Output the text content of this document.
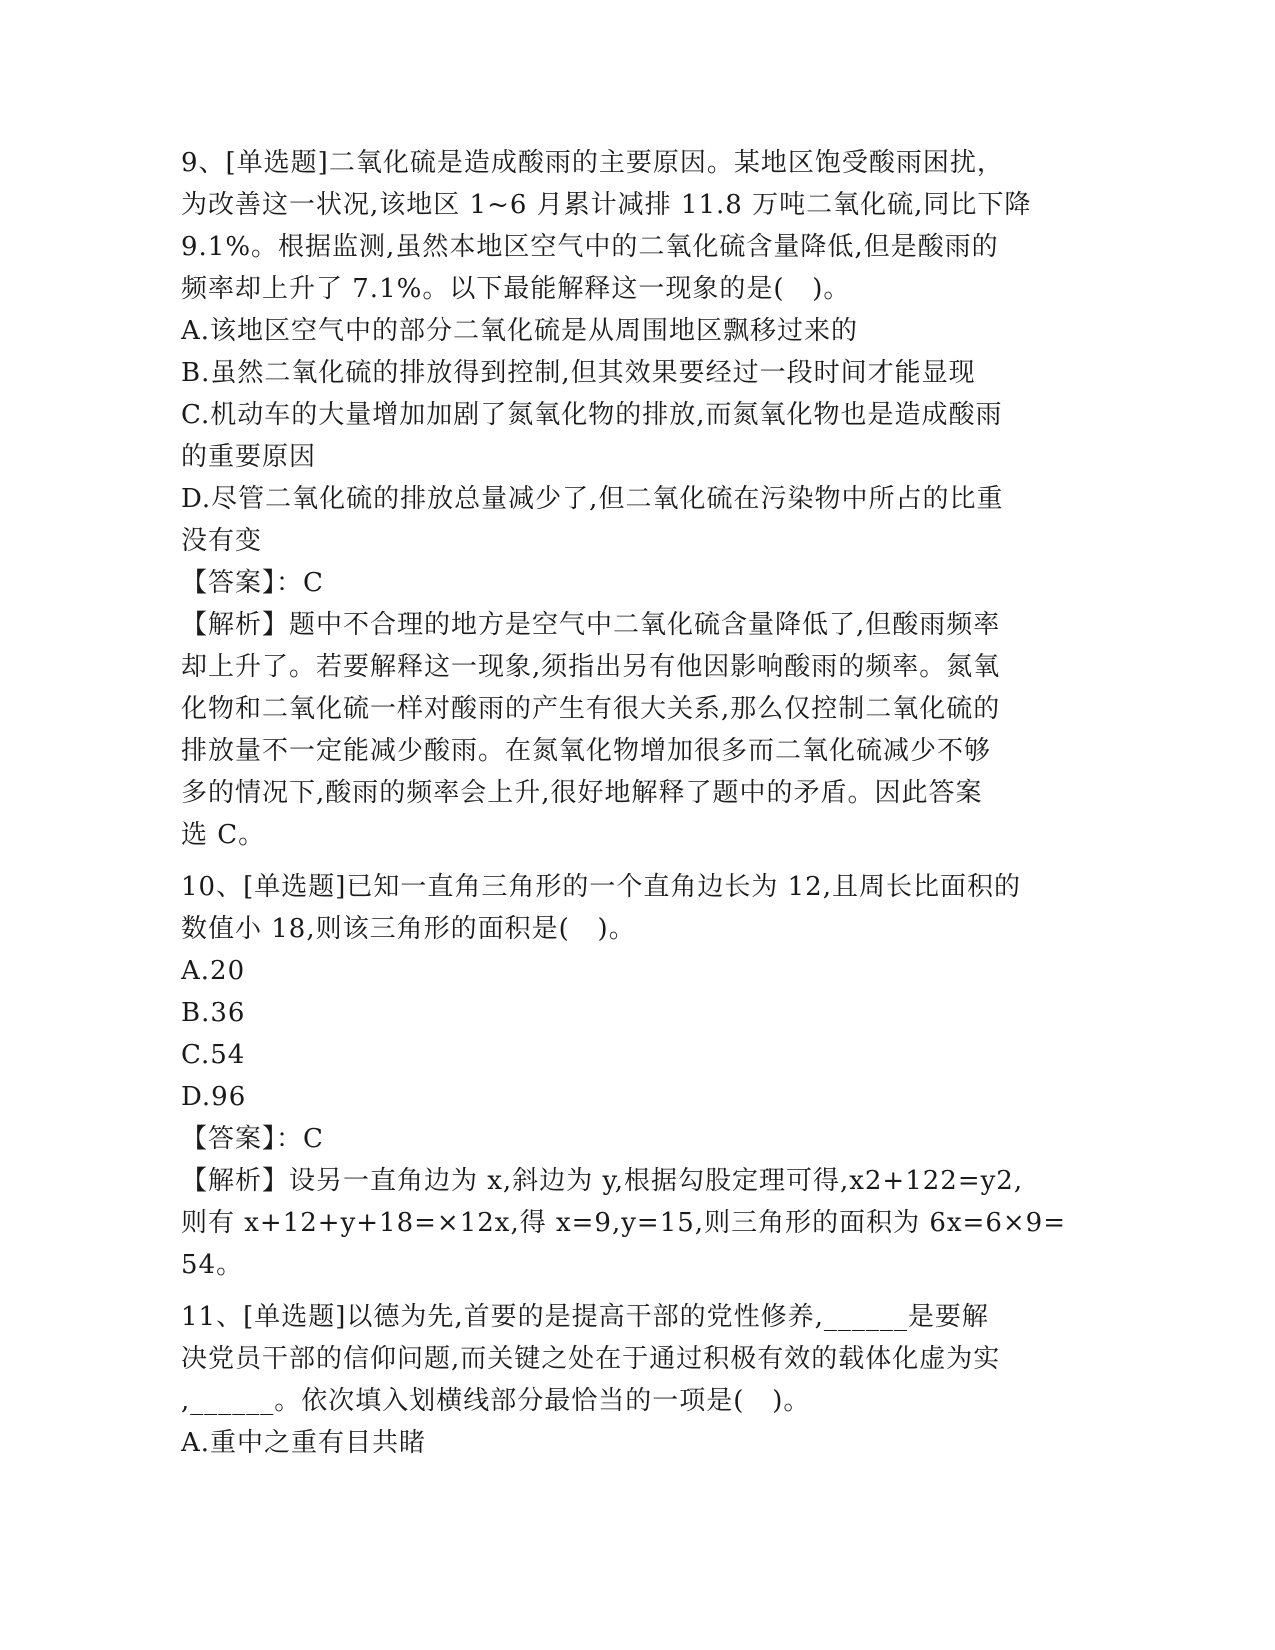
9、[单选题]二氧化硫是造成酸雨的主要原因。某地区饱受酸雨困扰，
为改善这一状况,该地区 1~6 月累计减排 11.8 万吨二氧化硫,同比下降
9.1%。根据监测,虽然本地区空气中的二氧化硫含量降低,但是酸雨的
频率却上升了 7.1%。以下最能解释这一现象的是(   )。
A.该地区空气中的部分二氧化硫是从周围地区飘移过来的
B.虽然二氧化硫的排放得到控制,但其效果要经过一段时间才能显现
C.机动车的大量增加加剧了氮氧化物的排放,而氮氧化物也是造成酸雨
的重要原因
D.尽管二氧化硫的排放总量减少了,但二氧化硫在污染物中所占的比重
没有变
【答案】：C
【解析】题中不合理的地方是空气中二氧化硫含量降低了,但酸雨频率
却上升了。若要解释这一现象,须指出另有他因影响酸雨的频率。氮氧
化物和二氧化硫一样对酸雨的产生有很大关系,那么仅控制二氧化硫的
排放量不一定能减少酸雨。在氮氧化物增加很多而二氧化硫减少不够
多的情况下,酸雨的频率会上升,很好地解释了题中的矛盾。因此答案
选 C。
10、[单选题]已知一直角三角形的一个直角边长为 12,且周长比面积的
数值小 18,则该三角形的面积是(   )。
A.20
B.36
C.54
D.96
【答案】：C
【解析】设另一直角边为 x,斜边为 y,根据勾股定理可得,x2+122=y2,
则有 x+12+y+18=×12x,得 x=9,y=15,则三角形的面积为 6x=6×9=54。
11、[单选题]以德为先,首要的是提高干部的党性修养,______是要解
决党员干部的信仰问题,而关键之处在于通过积极有效的载体化虚为实
,______。依次填入划横线部分最恰当的一项是(   )。
A.重中之重有目共睹
